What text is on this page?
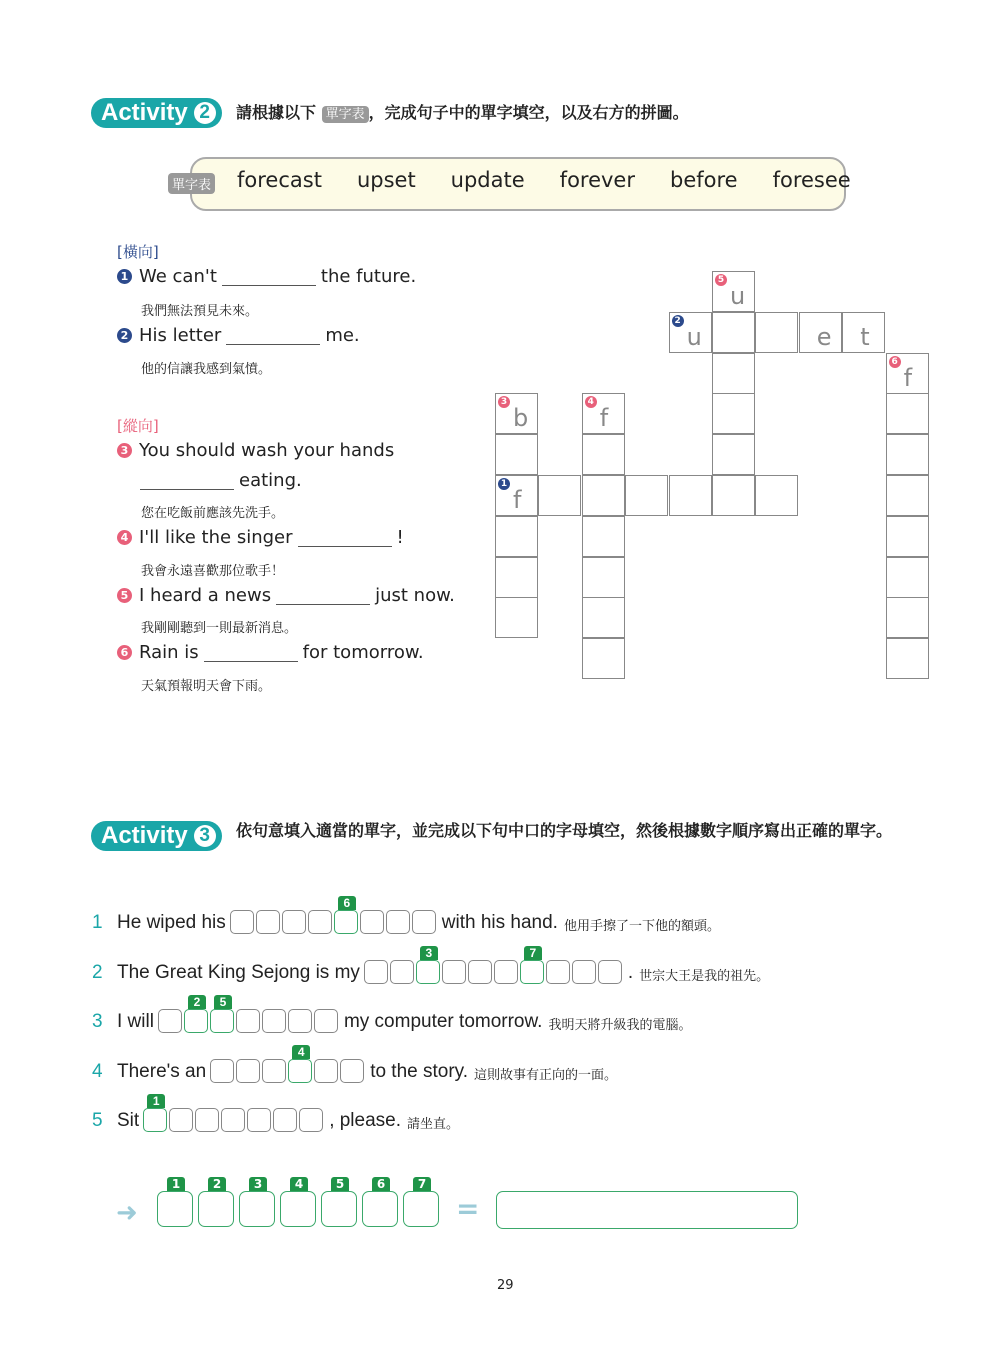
Activity 2	請根據以下 單字表 ，完成句子中的單字填空，以及右方的拼圖。
單字表 forecast upset update forever before foresee
[橫向]
[縱向]
1
f
2
u	e t
3
b
4
f
5
u
6
f
Activity 3	依句意填入適當的單字，並完成以下句中口的字母填空，然後根據數字順序寫出正確的單字。
1 He wiped his
6
with his hand. 他用手擦了一下他的額頭。
2 The Great King Sejong is my
3	7
. 世宗大王是我的祖先。
3 I will
2	5
my computer tomorrow. 我明天將升級我的電腦。
4 There's an
4
to the story. 這則故事有正向的一面。
5 Sit
1
, please. 請坐直。
➜
1	2	3	4	5	6	7
=
29
1 We can't	the future.
我們無法預見未來。
2 His letter	me.
他的信讓我感到氣憤。
3 You should wash your hands
eating.
您在吃飯前應該先洗手。
4 I'll like the singer	!
我會永遠喜歡那位歌手！
5 I heard a news	just now.
我剛剛聽到一則最新消息。
6 Rain is	for tomorrow.
天氣預報明天會下雨。
